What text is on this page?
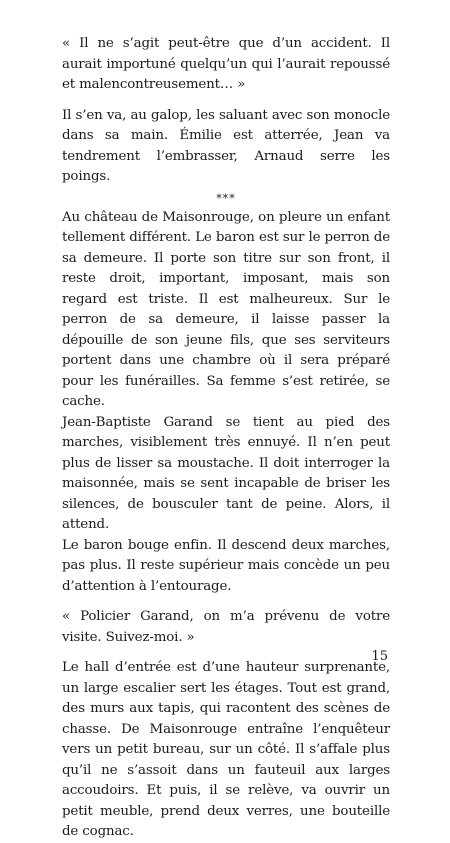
« Il ne s’agit peut-être que d’un accident. Il aurait importuné quelqu’un qui l’aurait repoussé et malencontreusement… »

Il s’en va, au galop, les saluant avec son monocle dans sa main. Émilie est atterrée, Jean va tendrement l’embrasser, Arnaud serre les poings.

***

Au château de Maisonrouge, on pleure un enfant tellement différent. Le baron est sur le perron de sa demeure. Il porte son titre sur son front, il reste droit, important, imposant, mais son regard est triste. Il est malheureux. Sur le perron de sa demeure, il laisse passer la dépouille de son jeune fils, que ses serviteurs portent dans une chambre où il sera préparé pour les funérailles. Sa femme s’est retirée, se cache.

Jean-Baptiste Garand se tient au pied des marches, visiblement très ennuyé. Il n’en peut plus de lisser sa moustache. Il doit interroger la maisonnée, mais se sent incapable de briser les silences, de bousculer tant de peine. Alors, il attend.

Le baron bouge enfin. Il descend deux marches, pas plus. Il reste supérieur mais concède un peu d’attention à l’entourage.

« Policier Garand, on m’a prévenu de votre visite. Suivez-moi. »

Le hall d’entrée est d’une hauteur surprenante, un large escalier sert les étages. Tout est grand, des murs aux tapis, qui racontent des scènes de chasse. De Maisonrouge entraîne l’enquêteur vers un petit bureau, sur un côté. Il s’affale plus qu’il ne s’assoit dans un fauteuil aux larges accoudoirs. Et puis, il se relève, va ouvrir un petit meuble, prend deux verres, une bouteille de cognac.

15
